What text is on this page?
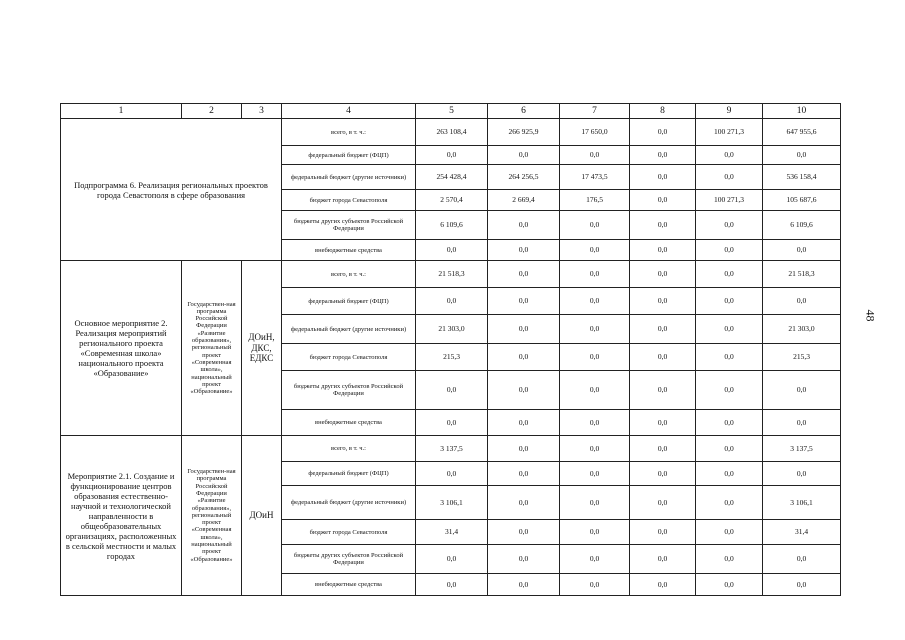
1	2	3	4	5	6	7	8	9	10
Подпрограмма 6. Реализация региональных проектов города Севастополя в сфере образования			всего, в т. ч.:	263 108,4	266 925,9	17 650,0	0,0	100 271,3	647 955,6
			федеральный бюджет (ФЦП)	0,0	0,0	0,0	0,0	0,0	0,0
			федеральный бюджет (другие источники)	254 428,4	264 256,5	17 473,5	0,0	0,0	536 158,4
			бюджет города Севастополя	2 570,4	2 669,4	176,5	0,0	100 271,3	105 687,6
			бюджеты других субъектов Российской Федерации	6 109,6	0,0	0,0	0,0	0,0	6 109,6
			внебюджетные средства	0,0	0,0	0,0	0,0	0,0	0,0
Основное мероприятие 2. Реализация мероприятий регионального проекта «Современная школа» национального проекта «Образование»	Государствен-ная программа Российской Федерации «Развитие образования», региональный проект «Современная школа», национальный проект «Образование»	ДОиН, ДКС, ЕДКС	всего, в т. ч.:	21 518,3	0,0	0,0	0,0	0,0	21 518,3
			федеральный бюджет (ФЦП)	0,0	0,0	0,0	0,0	0,0	0,0
			федеральный бюджет (другие источники)	21 303,0	0,0	0,0	0,0	0,0	21 303,0
			бюджет города Севастополя	215,3	0,0	0,0	0,0	0,0	215,3
			бюджеты других субъектов Российской Федерации	0,0	0,0	0,0	0,0	0,0	0,0
			внебюджетные средства	0,0	0,0	0,0	0,0	0,0	0,0
Мероприятие 2.1. Создание и функционирование центров образования естественно-научной и технологической направленности в общеобразовательных организациях, расположенных в сельской местности и малых городах	Государствен-ная программа Российской Федерации «Развитие образования», региональный проект «Современная школа», национальный проект «Образование»	ДОиН	всего, в т. ч.:	3 137,5	0,0	0,0	0,0	0,0	3 137,5
			федеральный бюджет (ФЦП)	0,0	0,0	0,0	0,0	0,0	0,0
			федеральный бюджет (другие источники)	3 106,1	0,0	0,0	0,0	0,0	3 106,1
			бюджет города Севастополя	31,4	0,0	0,0	0,0	0,0	31,4
			бюджеты других субъектов Российской Федерации	0,0	0,0	0,0	0,0	0,0	0,0
			внебюджетные средства	0,0	0,0	0,0	0,0	0,0	0,0
48
